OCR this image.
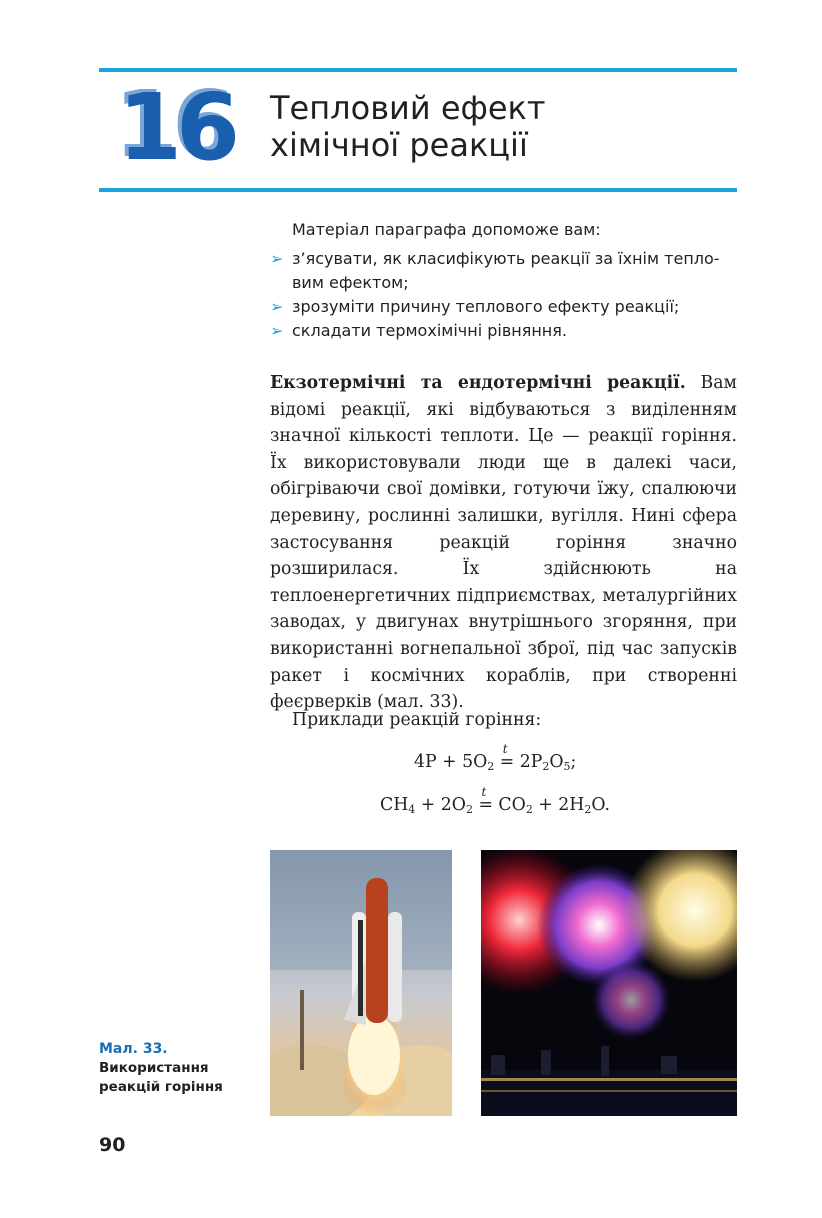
16 Тепловий ефект
хімічної реакції
Матеріал параграфа допоможе вам:
➢ з’ясувати, як класифікують реакції за їхнім тепло-вим ефектом;
➢ зрозуміти причину теплового ефекту реакції;
➢ складати термохімічні рівняння.

Екзотермічні та ендотермічні реакції. Вам відомі реакції, які відбуваються з виділенням значної кількості теплоти. Це — реакції горіння. Їх використовували люди ще в далекі часи, обігріваючи свої домівки, готуючи їжу, спалюючи деревину, рослинні залишки, вугілля. Нині сфера застосування реакцій горіння значно розширилася. Їх здійснюють на теплоенергетичних підприємствах, металургійних заводах, у двигунах внутрішнього згоряння, при використанні вогнепальної зброї, під час запусків ракет і космічних кораблів, при створенні феєрверків (мал. 33).

Приклади реакцій горіння:
$4P + 5O_2$
t
= $2P_2O_5$;
$CH_4 + 2O_2$
t
= $CO_2 + 2H_2O$.
Мал. 33.
Використання реакцій горіння
90
